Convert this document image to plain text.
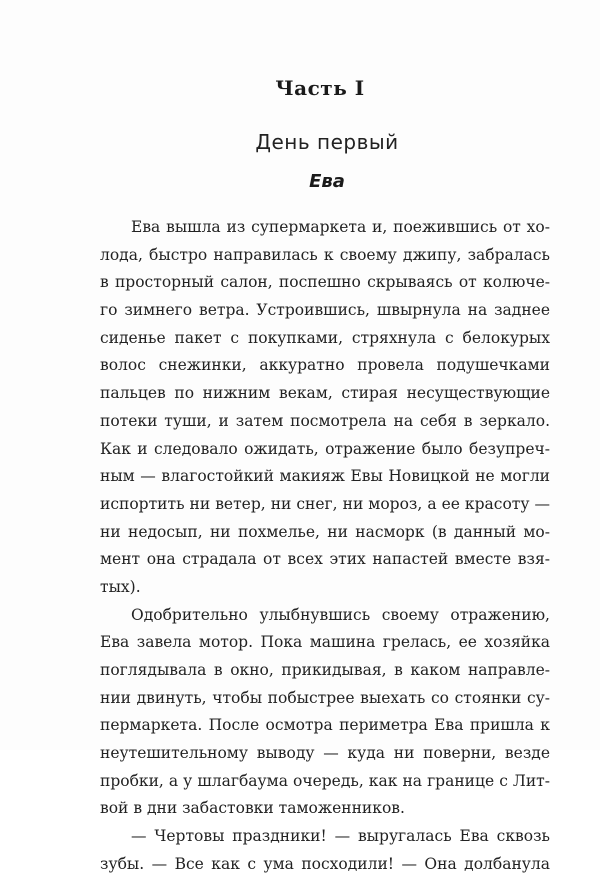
Часть I
День первый
Ева
Ева вышла из супермаркета и, поежившись от хо-
лода, быстро направилась к своему джипу, забралась
в просторный салон, поспешно скрываясь от колюче-
го зимнего ветра. Устроившись, швырнула на заднее
сиденье пакет с покупками, стряхнула с белокурых
волос снежинки, аккуратно провела подушечками
пальцев по нижним векам, стирая несуществующие
потеки туши, и затем посмотрела на себя в зеркало.
Как и следовало ожидать, отражение было безупреч-
ным — влагостойкий макияж Евы Новицкой не могли
испортить ни ветер, ни снег, ни мороз, а ее красоту —
ни недосып, ни похмелье, ни насморк (в данный мо-
мент она страдала от всех этих напастей вместе взя-
тых).
Одобрительно улыбнувшись своему отражению,
Ева завела мотор. Пока машина грелась, ее хозяйка
поглядывала в окно, прикидывая, в каком направле-
нии двинуть, чтобы побыстрее выехать со стоянки су-
пермаркета. После осмотра периметра Ева пришла к
неутешительному выводу — куда ни поверни, везде
пробки, а у шлагбаума очередь, как на границе с Лит-
вой в дни забастовки таможенников.
— Чертовы праздники! — выругалась Ева сквозь
зубы. — Все как с ума посходили! — Она долбанула
